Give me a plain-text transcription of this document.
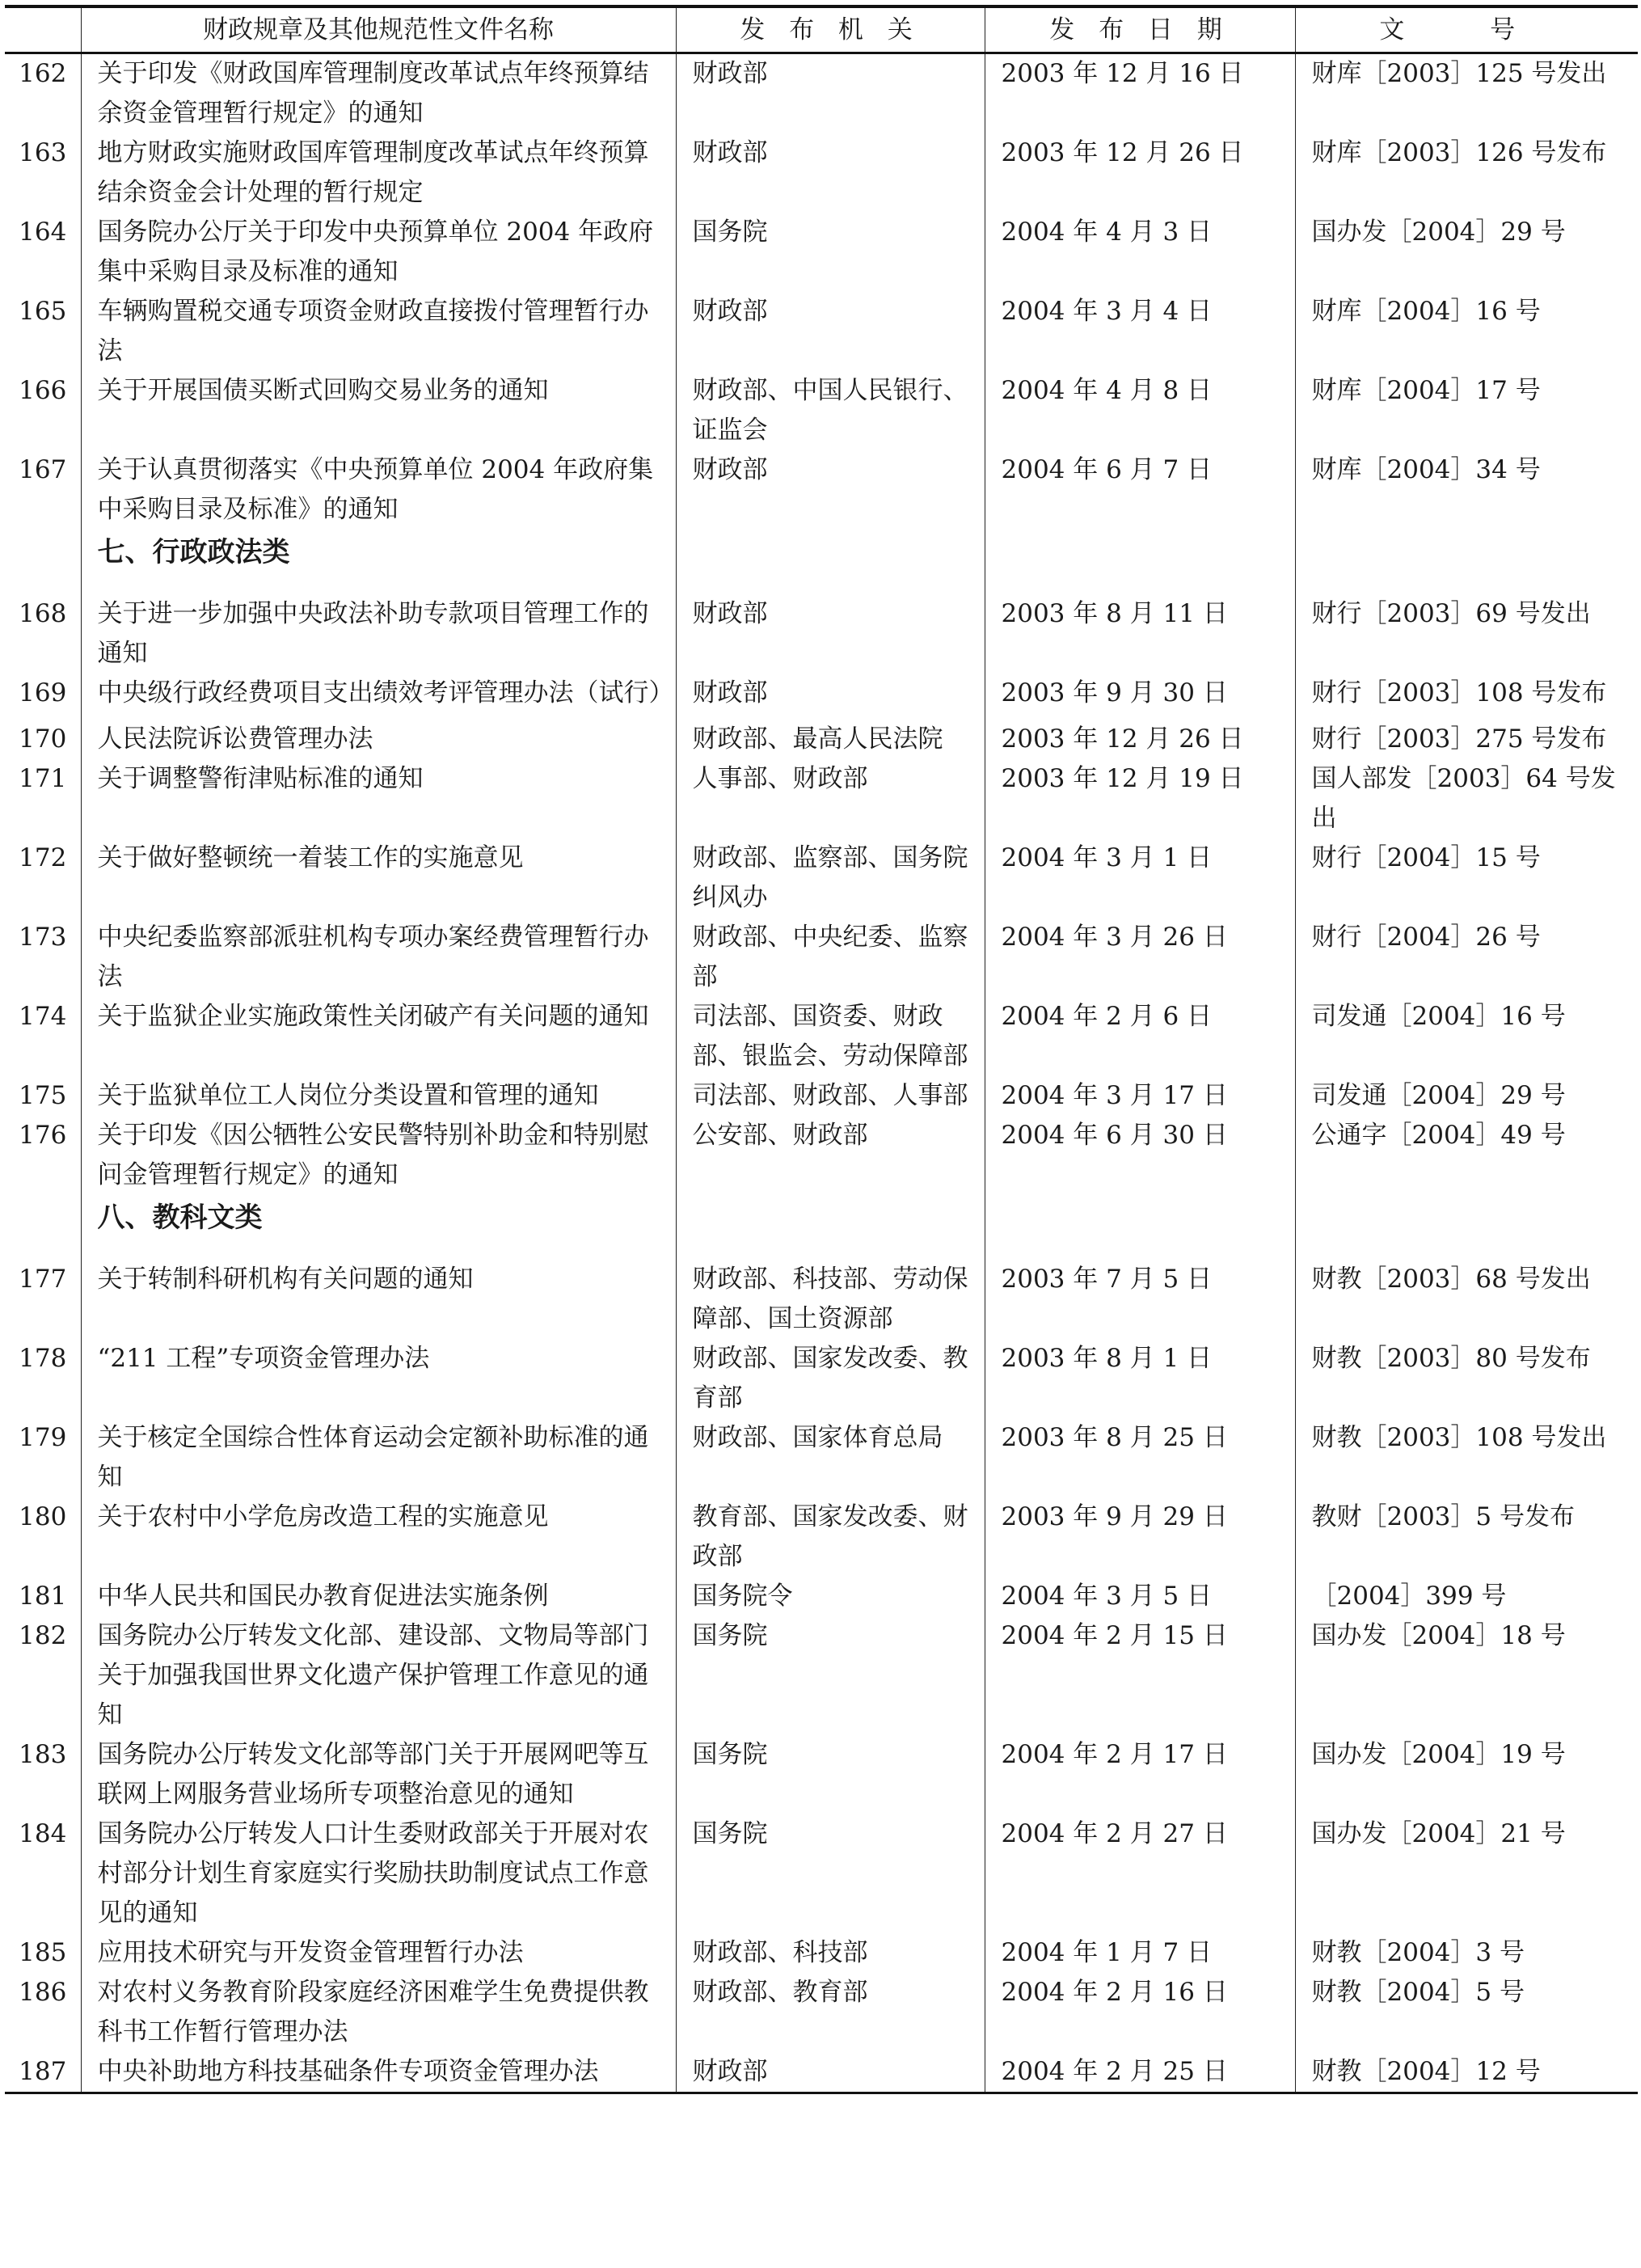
	财政规章及其他规范性文件名称	发 布 机 关	发 布 日 期	文 号
162	关于印发《财政国库管理制度改革试点年终预算结余资金管理暂行规定》的通知	财政部	2003 年 12 月 16 日	财库［2003］125 号发出
163	地方财政实施财政国库管理制度改革试点年终预算结余资金会计处理的暂行规定	财政部	2003 年 12 月 26 日	财库［2003］126 号发布
164	国务院办公厅关于印发中央预算单位 2004 年政府集中采购目录及标准的通知	国务院	2004 年 4 月 3 日	国办发［2004］29 号
165	车辆购置税交通专项资金财政直接拨付管理暂行办法	财政部	2004 年 3 月 4 日	财库［2004］16 号
166	关于开展国债买断式回购交易业务的通知	财政部、中国人民银行、证监会	2004 年 4 月 8 日	财库［2004］17 号
167	关于认真贯彻落实《中央预算单位 2004 年政府集中采购目录及标准》的通知	财政部	2004 年 6 月 7 日	财库［2004］34 号
	七、行政政法类			
168	关于进一步加强中央政法补助专款项目管理工作的通知	财政部	2003 年 8 月 11 日	财行［2003］69 号发出
169	中央级行政经费项目支出绩效考评管理办法（试行）	财政部	2003 年 9 月 30 日	财行［2003］108 号发布
170	人民法院诉讼费管理办法	财政部、最高人民法院	2003 年 12 月 26 日	财行［2003］275 号发布
171	关于调整警衔津贴标准的通知	人事部、财政部	2003 年 12 月 19 日	国人部发［2003］64 号发出
172	关于做好整顿统一着装工作的实施意见	财政部、监察部、国务院纠风办	2004 年 3 月 1 日	财行［2004］15 号
173	中央纪委监察部派驻机构专项办案经费管理暂行办法	财政部、中央纪委、监察部	2004 年 3 月 26 日	财行［2004］26 号
174	关于监狱企业实施政策性关闭破产有关问题的通知	司法部、国资委、财政部、银监会、劳动保障部	2004 年 2 月 6 日	司发通［2004］16 号
175	关于监狱单位工人岗位分类设置和管理的通知	司法部、财政部、人事部	2004 年 3 月 17 日	司发通［2004］29 号
176	关于印发《因公牺牲公安民警特别补助金和特别慰问金管理暂行规定》的通知	公安部、财政部	2004 年 6 月 30 日	公通字［2004］49 号
	八、教科文类			
177	关于转制科研机构有关问题的通知	财政部、科技部、劳动保障部、国土资源部	2003 年 7 月 5 日	财教［2003］68 号发出
178	“211 工程”专项资金管理办法	财政部、国家发改委、教育部	2003 年 8 月 1 日	财教［2003］80 号发布
179	关于核定全国综合性体育运动会定额补助标准的通知	财政部、国家体育总局	2003 年 8 月 25 日	财教［2003］108 号发出
180	关于农村中小学危房改造工程的实施意见	教育部、国家发改委、财政部	2003 年 9 月 29 日	教财［2003］5 号发布
181	中华人民共和国民办教育促进法实施条例	国务院令	2004 年 3 月 5 日	［2004］399 号
182	国务院办公厅转发文化部、建设部、文物局等部门关于加强我国世界文化遗产保护管理工作意见的通知	国务院	2004 年 2 月 15 日	国办发［2004］18 号
183	国务院办公厅转发文化部等部门关于开展网吧等互联网上网服务营业场所专项整治意见的通知	国务院	2004 年 2 月 17 日	国办发［2004］19 号
184	国务院办公厅转发人口计生委财政部关于开展对农村部分计划生育家庭实行奖励扶助制度试点工作意见的通知	国务院	2004 年 2 月 27 日	国办发［2004］21 号
185	应用技术研究与开发资金管理暂行办法	财政部、科技部	2004 年 1 月 7 日	财教［2004］3 号
186	对农村义务教育阶段家庭经济困难学生免费提供教科书工作暂行管理办法	财政部、教育部	2004 年 2 月 16 日	财教［2004］5 号
187	中央补助地方科技基础条件专项资金管理办法	财政部	2004 年 2 月 25 日	财教［2004］12 号
